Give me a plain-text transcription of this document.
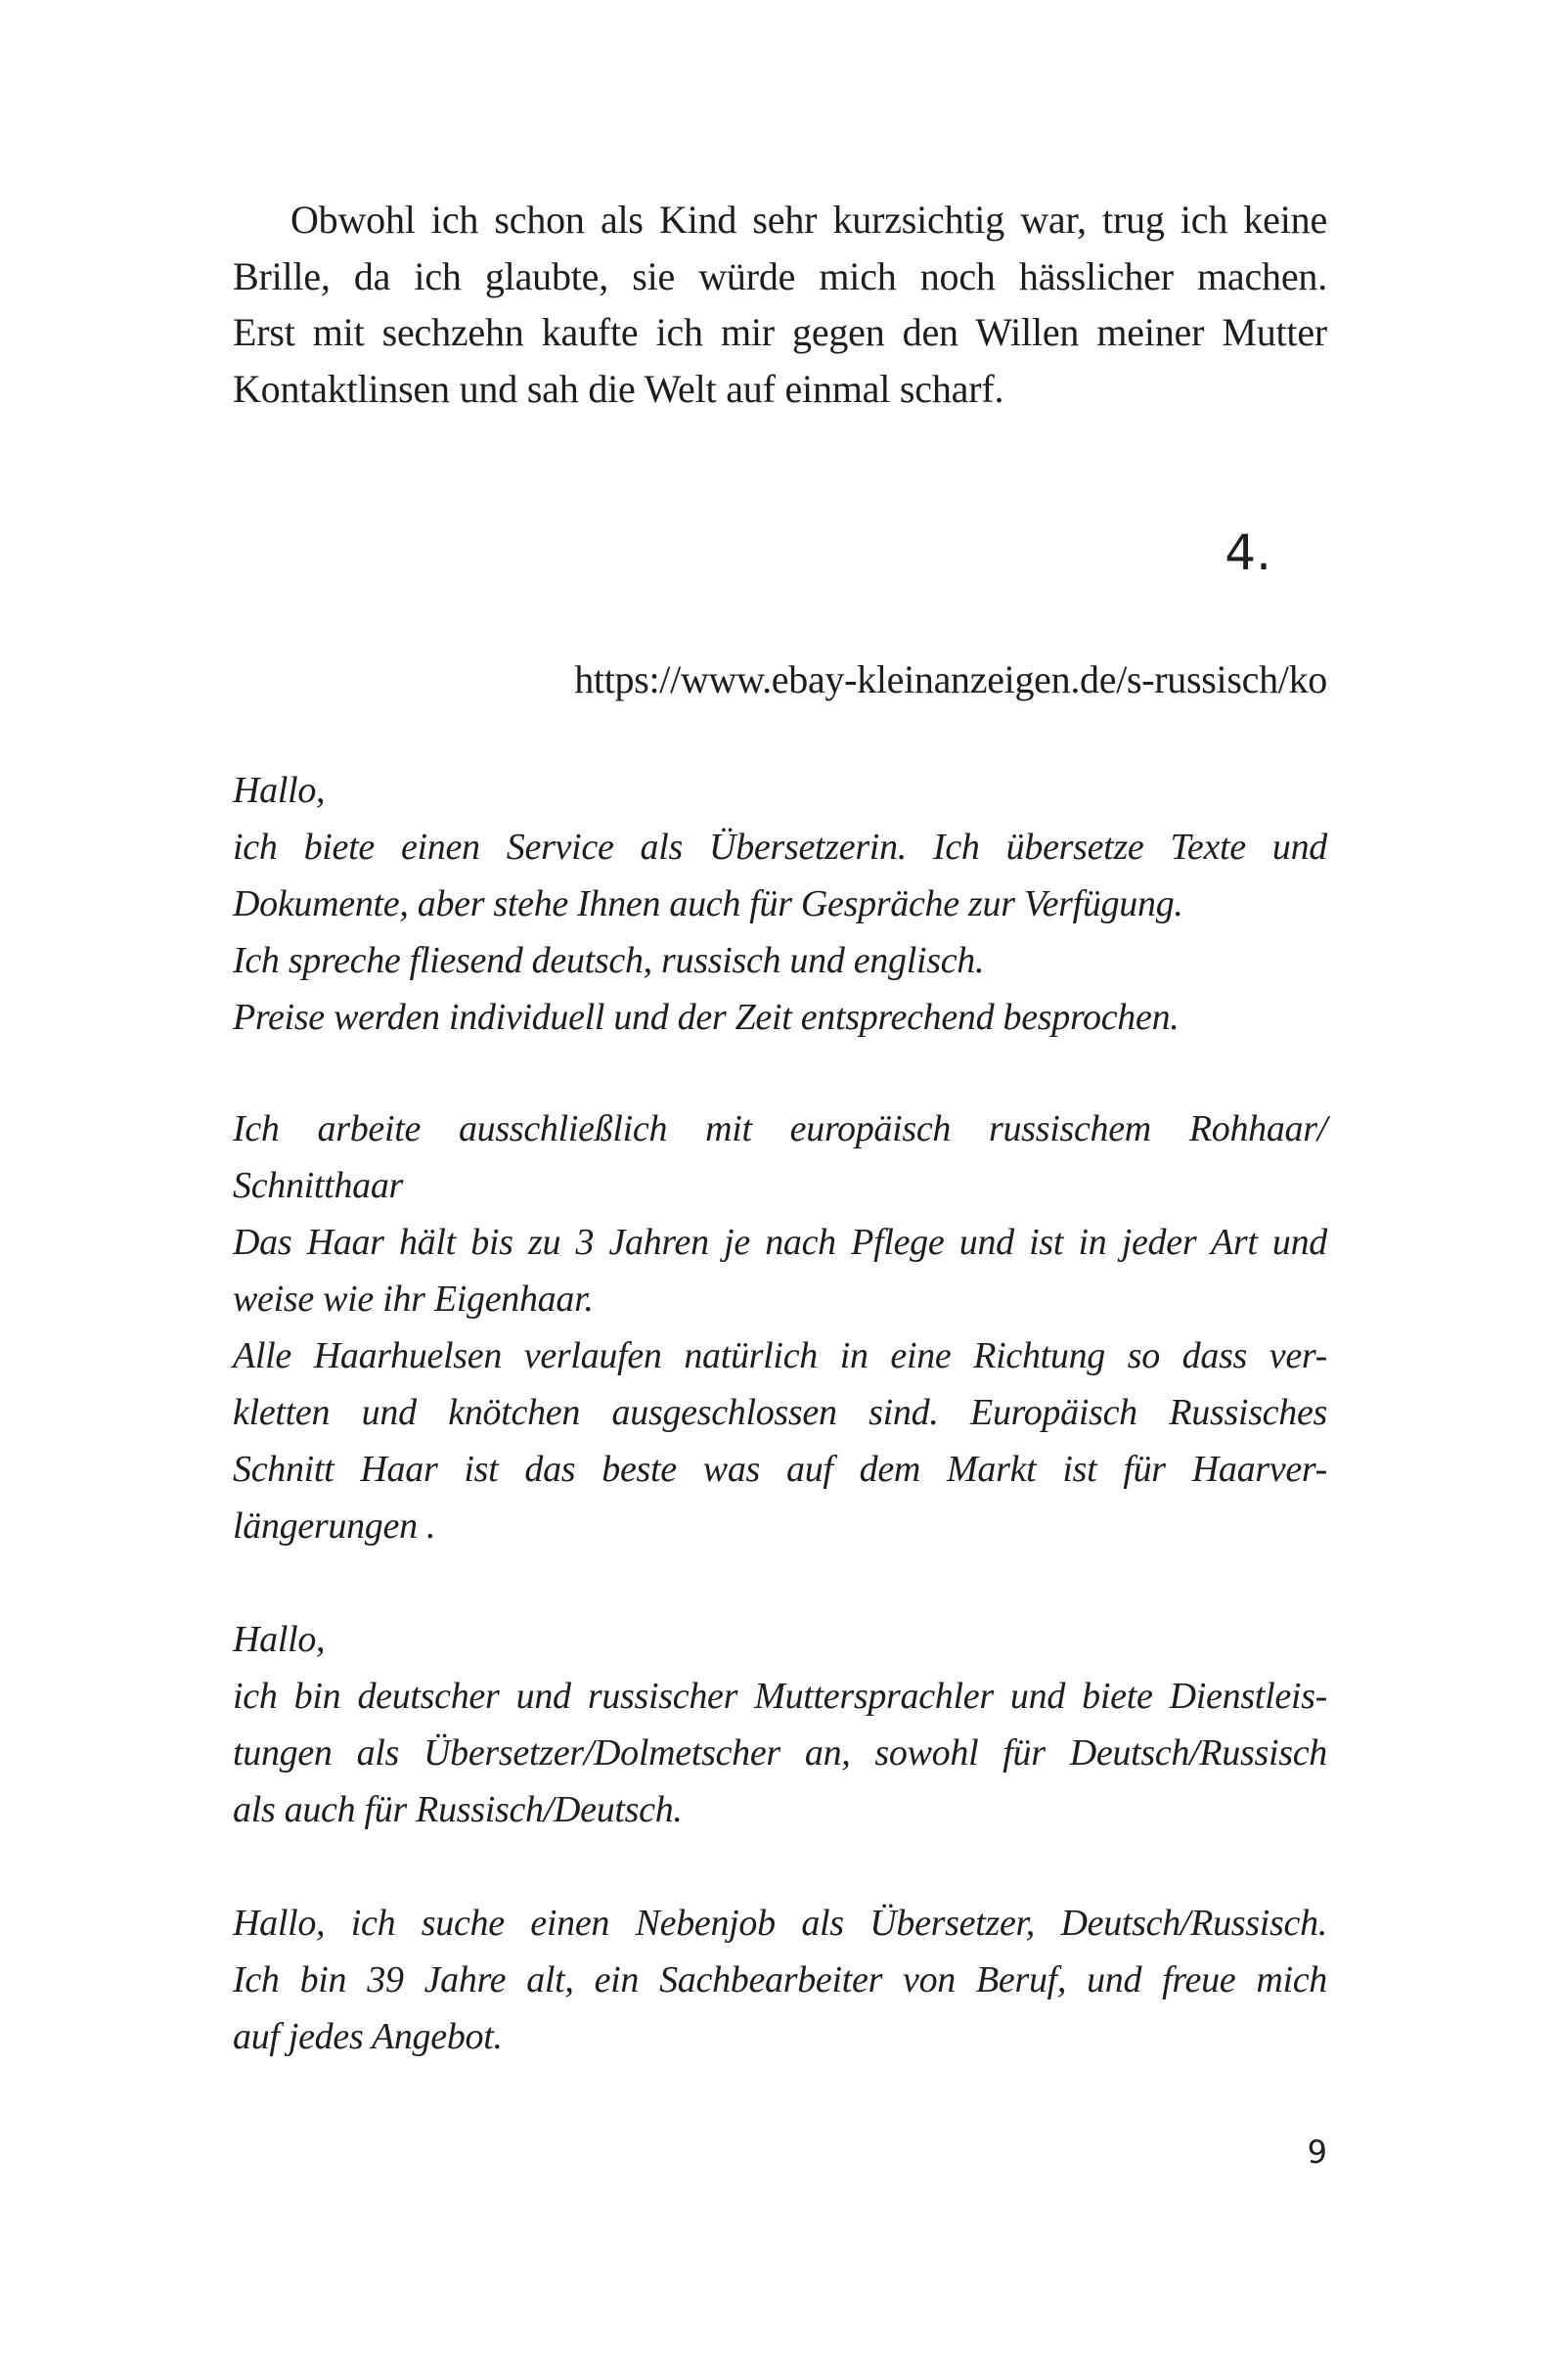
Obwohl ich schon als Kind sehr kurzsichtig war, trug ich keine
Brille, da ich glaubte, sie würde mich noch hässlicher machen.
Erst mit sechzehn kaufte ich mir gegen den Willen meiner Mutter
Kontaktlinsen und sah die Welt auf einmal scharf.
4.
https://www.ebay-kleinanzeigen.de/s-russisch/ko
Hallo,
ich biete einen Service als Übersetzerin. Ich übersetze Texte und
Dokumente, aber stehe Ihnen auch für Gespräche zur Verfügung.
Ich spreche fliesend deutsch, russisch und englisch.
Preise werden individuell und der Zeit entsprechend besprochen.
Ich arbeite ausschließlich mit europäisch russischem Rohhaar/
Schnitthaar
Das Haar hält bis zu 3 Jahren je nach Pflege und ist in jeder Art und
weise wie ihr Eigenhaar.
Alle Haarhuelsen verlaufen natürlich in eine Richtung so dass ver-
kletten und knötchen ausgeschlossen sind. Europäisch Russisches
Schnitt Haar ist das beste was auf dem Markt ist für Haarver-
längerungen .
Hallo,
ich bin deutscher und russischer Muttersprachler und biete Dienstleis-
tungen als Übersetzer/Dolmetscher an, sowohl für Deutsch/Russisch
als auch für Russisch/Deutsch.
Hallo, ich suche einen Nebenjob als Übersetzer, Deutsch/Russisch.
Ich bin 39 Jahre alt, ein Sachbearbeiter von Beruf, und freue mich
auf jedes Angebot.
9
